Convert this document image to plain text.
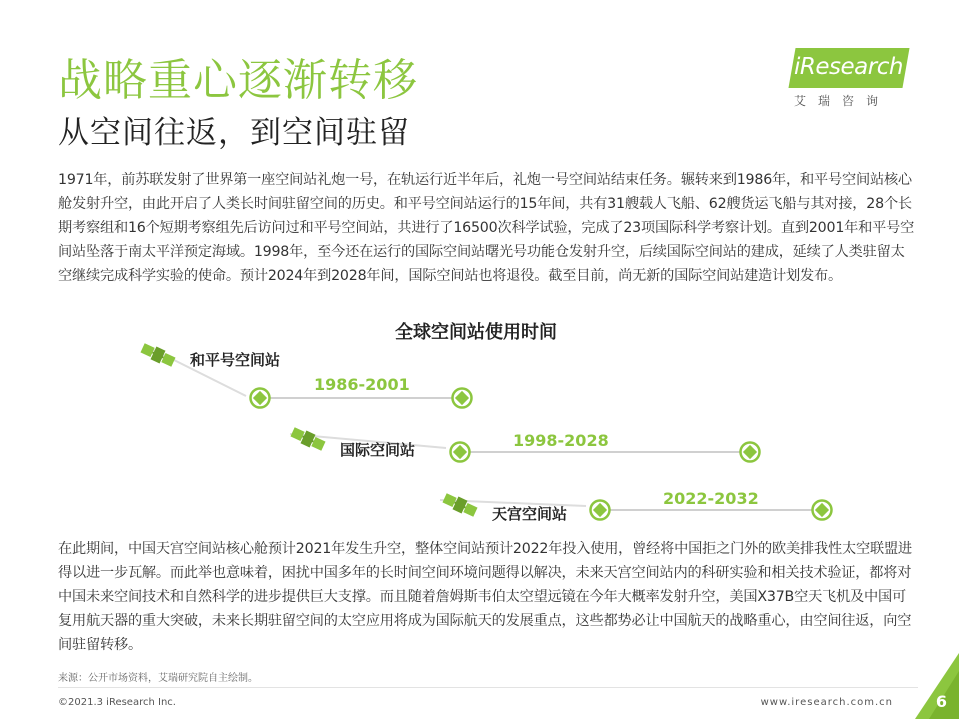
战略重心逐渐转移
从空间往返，到空间驻留
iResearch
艾瑞咨询

1971年，前苏联发射了世界第一座空间站礼炮一号，在轨运行近半年后，礼炮一号空间站结束任务。辗转来到1986年，和平号空间站核心舱发射升空，由此开启了人类长时间驻留空间的历史。和平号空间站运行的15年间，共有31艘载人飞船、62艘货运飞船与其对接，28个长期考察组和16个短期考察组先后访问过和平号空间站，共进行了16500次科学试验，完成了23项国际科学考察计划。直到2001年和平号空间站坠落于南太平洋预定海域。1998年，至今还在运行的国际空间站曙光号功能仓发射升空，后续国际空间站的建成，延续了人类驻留太空继续完成科学实验的使命。预计2024年到2028年间，国际空间站也将退役。截至目前，尚无新的国际空间站建造计划发布。

全球空间站使用时间
和平号空间站
1986-2001
国际空间站	1998-2028
天宫空间站
2022-2032

在此期间，中国天宫空间站核心舱预计2021年发生升空，整体空间站预计2022年投入使用，曾经将中国拒之门外的欧美排我性太空联盟进得以进一步瓦解。而此举也意味着，困扰中国多年的长时间空间环境问题得以解决，未来天宫空间站内的科研实验和相关技术验证，都将对中国未来空间技术和自然科学的进步提供巨大支撑。而且随着詹姆斯韦伯太空望远镜在今年大概率发射升空，美国X37B空天飞机及中国可复用航天器的重大突破，未来长期驻留空间的太空应用将成为国际航天的发展重点，这些都势必让中国航天的战略重心，由空间往返，向空间驻留转移。

来源：公开市场资料，艾瑞研究院自主绘制。

©2021.3 iResearch Inc.	www.iresearch.com.cn	6
